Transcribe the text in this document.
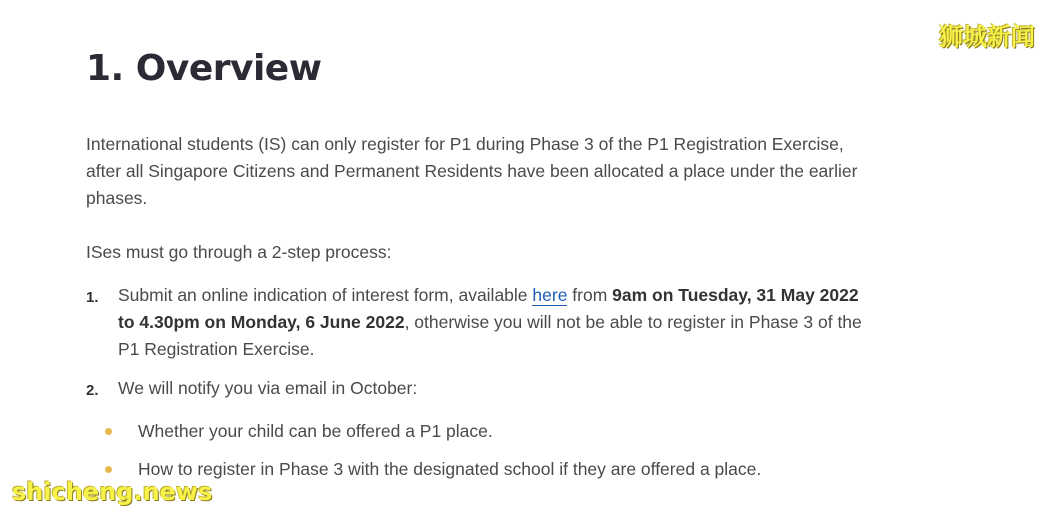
1. Overview

International students (IS) can only register for P1 during Phase 3 of the P1 Registration Exercise, after all Singapore Citizens and Permanent Residents have been allocated a place under the earlier phases.

ISes must go through a 2-step process:

1. Submit an online indication of interest form, available here from 9am on Tuesday, 31 May 2022 to 4.30pm on Monday, 6 June 2022, otherwise you will not be able to register in Phase 3 of the P1 Registration Exercise.
2. We will notify you via email in October:
Whether your child can be offered a P1 place.
How to register in Phase 3 with the designated school if they are offered a place.
狮城新闻
shicheng.news
